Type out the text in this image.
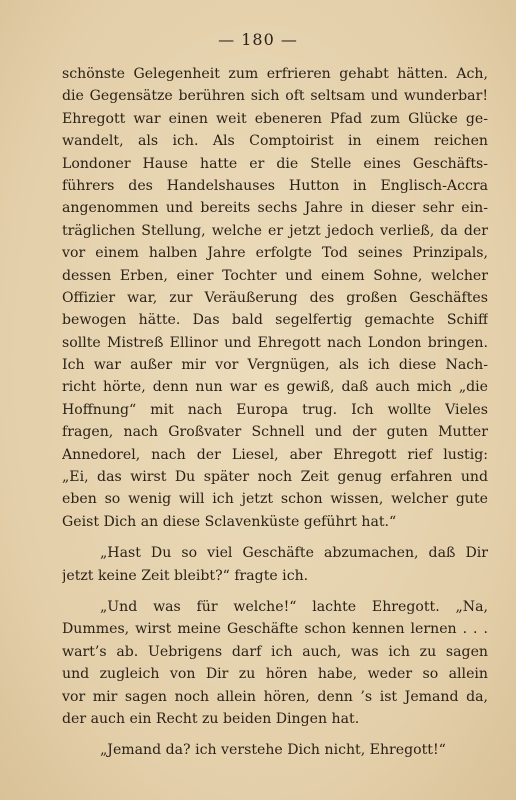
— 180 —
schönste Gelegenheit zum erfrieren gehabt hätten. Ach,
die Gegensätze berühren sich oft seltsam und wunderbar!
Ehregott war einen weit ebeneren Pfad zum Glücke ge-
wandelt, als ich. Als Comptoirist in einem reichen
Londoner Hause hatte er die Stelle eines Geschäfts-
führers des Handelshauses Hutton in Englisch-Accra
angenommen und bereits sechs Jahre in dieser sehr ein-
träglichen Stellung, welche er jetzt jedoch verließ, da der
vor einem halben Jahre erfolgte Tod seines Prinzipals,
dessen Erben, einer Tochter und einem Sohne, welcher
Offizier war, zur Veräußerung des großen Geschäftes
bewogen hätte. Das bald segelfertig gemachte Schiff
sollte Mistreß Ellinor und Ehregott nach London bringen.
Ich war außer mir vor Vergnügen, als ich diese Nach-
richt hörte, denn nun war es gewiß, daß auch mich „die
Hoffnung“ mit nach Europa trug. Ich wollte Vieles
fragen, nach Großvater Schnell und der guten Mutter
Annedorel, nach der Liesel, aber Ehregott rief lustig:
„Ei, das wirst Du später noch Zeit genug erfahren und
eben so wenig will ich jetzt schon wissen, welcher gute
Geist Dich an diese Sclavenküste geführt hat.“
„Hast Du so viel Geschäfte abzumachen, daß Dir
jetzt keine Zeit bleibt?“ fragte ich.
„Und was für welche!“ lachte Ehregott. „Na,
Dummes, wirst meine Geschäfte schon kennen lernen . . .
wart’s ab. Uebrigens darf ich auch, was ich zu sagen
und zugleich von Dir zu hören habe, weder so allein
vor mir sagen noch allein hören, denn ’s ist Jemand da,
der auch ein Recht zu beiden Dingen hat.
„Jemand da? ich verstehe Dich nicht, Ehregott!“
